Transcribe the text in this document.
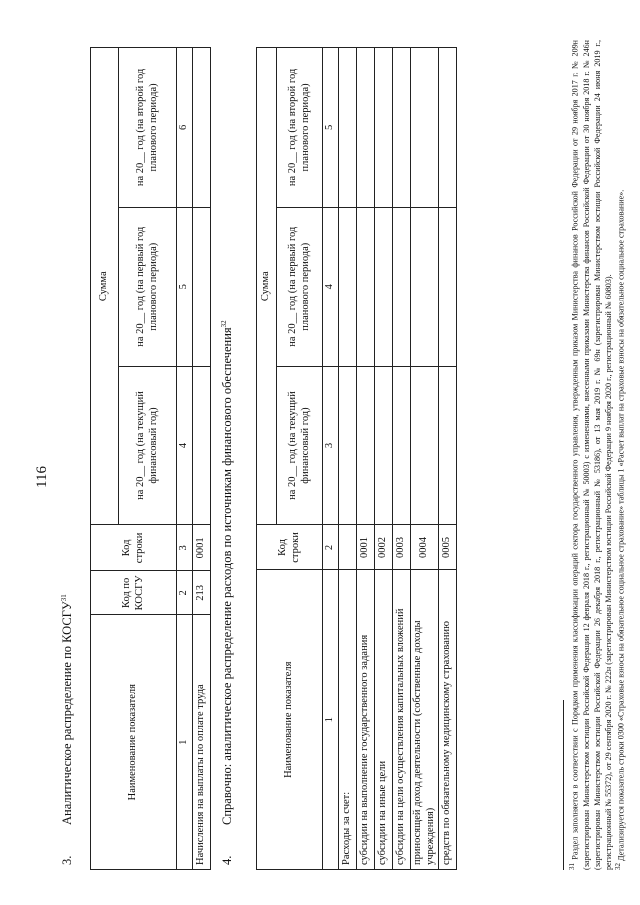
116
3.Аналитическое распределение по КОСГУ$^{31}$
Наименование показателя	Код по КОСГУ	Код строки	Сумма		
			на 20__ год (на текущий финансовый год)	на 20__ год (на первый год планового периода)	на 20__ год (на второй год планового периода)
1	2	3	4	5	6
Начисления на выплаты по оплате труда	213	0001			
4.Справочно: аналитическое распределение расходов по источникам финансового обеспечения$^{32}$
Наименование показателя	Код строки	Сумма		
		на 20__ год (на текущий финансовый год)	на 20__ год (на первый год планового периода)	на 20__ год (на второй год планового периода)
1	2	3	4	5
Расходы за счет:				
субсидии на выполнение государственного задания	0001			
субсидии на иные цели	0002			
субсидии на цели осуществления капитальных вложений	0003			
приносящей доход деятельности (собственные доходы учреждения)	0004			
средств по обязательному медицинскому страхованию	0005			

$^{31}$ Раздел заполняется в соответствии с Порядком применения классификации операций сектора государственного управления, утвержденным приказом Министерства финансов Российской Федерации от 29 ноября 2017 г. № 209н (зарегистрирован Министерством юстиции Российской Федерации 12 февраля 2018 г., регистрационный № 50003) с изменениями, внесенными приказами Министерства финансов Российской Федерации от 30 ноября 2018 г. № 246н (зарегистрирован Министерством юстиции Российской Федерации 26 декабря 2018 г., регистрационный № 53186), от 13 мая 2019 г. № 69н (зарегистрирован Министерством юстиции Российской Федерации 24 июня 2019 г., регистрационный № 55372), от 29 сентября 2020 г. № 222н (зарегистрирован Министерством юстиции Российской Федерации 9 ноября 2020 г., регистрационный № 60803). $^{32}$ Детализируется показатель строки 0300 «Страховые взносы на обязательное социальное страхование» таблицы 1 «Расчет выплат на страховые взносы на обязательное социальное страхование».
